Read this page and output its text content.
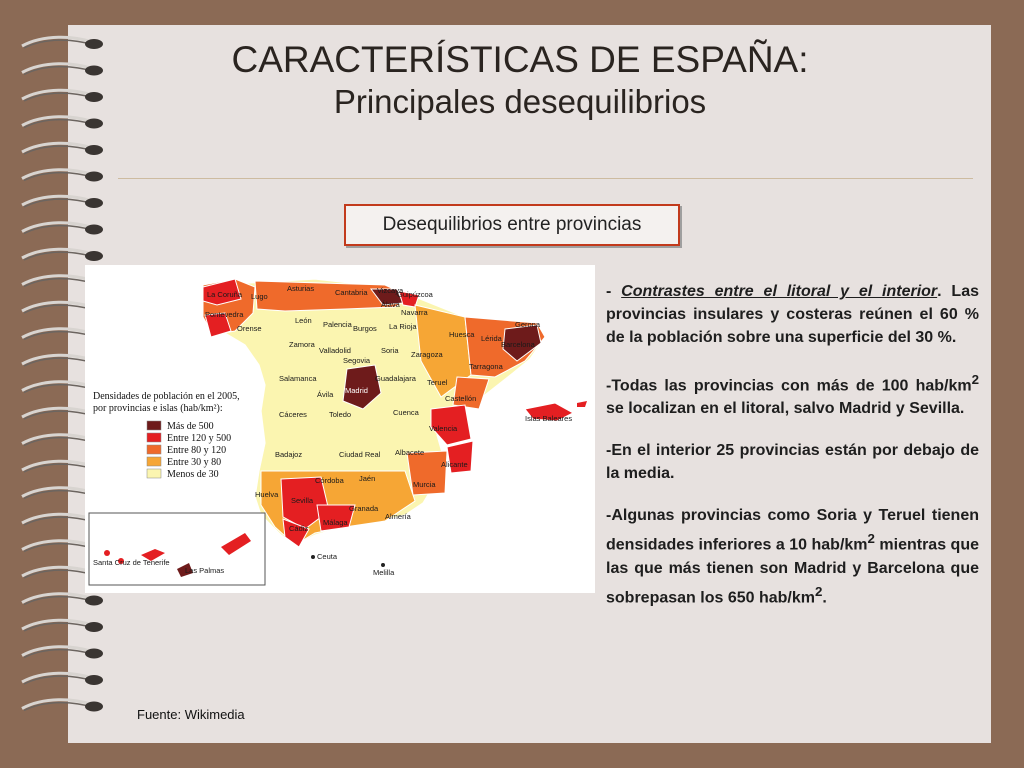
CARACTERÍSTICAS DE ESPAÑA:
Principales desequilibrios
Desequilibrios entre provincias
La Coruña Lugo
Pontevedra
Orense
Asturias	Cantabria Vizcaya
Guipúzcoa
Álava
Navarra
León Palencia Burgos La Rioja
Huesca
Gerona
Lérida
Barcelona
Zamora
Valladolid	Soria Zaragoza
Segovia
Tarragona
Salamanca	Guadalajara Teruel
Madrid
Ávila	Castellón
Islas Baleares
Cáceres	Toledo	Cuenca
Valencia
Badajoz	Ciudad Real Albacete
Alicante
Córdoba Jaén
Murcia
Huelva
Sevilla
Granada
Almería
Cádiz
Málaga
Ceuta
Melilla
Santa Cruz de Tenerife
Las Palmas
Densidades de población en el 2005,
por provincias e islas (hab/km²):
Más de 500
Entre 120 y 500
Entre 80 y 120
Entre 30 y 80
Menos de 30

- Contrastes entre el litoral y el interior. Las provincias insulares y costeras reúnen el 60 % de la población sobre una superficie del 30 %.

-Todas las provincias con más de 100 hab/$km^2$ se localizan en el litoral, salvo Madrid y Sevilla.

-En el interior 25 provincias están por debajo de la media.

-Algunas provincias como Soria y Teruel tienen densidades inferiores a 10 hab/$km^2$ mientras que las que más tienen son Madrid y Barcelona que sobrepasan los 650 hab/$km^2$.

Fuente: Wikimedia
